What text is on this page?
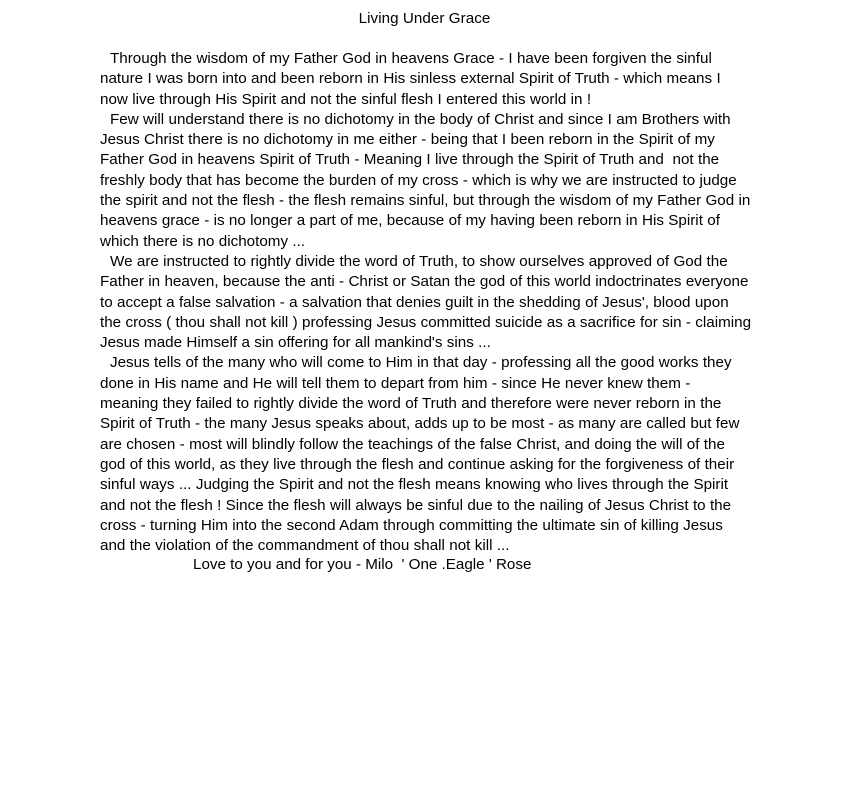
Living Under Grace

Through the wisdom of my Father God in heavens Grace - I have been forgiven the sinful nature I was born into and been reborn in His sinless external Spirit of Truth - which means I now live through His Spirit and not the sinful flesh I entered this world in !

Few will understand there is no dichotomy in the body of Christ and since I am Brothers with Jesus Christ there is no dichotomy in me either - being that I been reborn in the Spirit of my Father God in heavens Spirit of Truth - Meaning I live through the Spirit of Truth and  not the freshly body that has become the burden of my cross - which is why we are instructed to judge the spirit and not the flesh - the flesh remains sinful, but through the wisdom of my Father God in heavens grace - is no longer a part of me, because of my having been reborn in His Spirit of which there is no dichotomy ...

We are instructed to rightly divide the word of Truth, to show ourselves approved of God the Father in heaven, because the anti - Christ or Satan the god of this world indoctrinates everyone to accept a false salvation - a salvation that denies guilt in the shedding of Jesus', blood upon the cross ( thou shall not kill ) professing Jesus committed suicide as a sacrifice for sin - claiming Jesus made Himself a sin offering for all mankind's sins ...

Jesus tells of the many who will come to Him in that day - professing all the good works they done in His name and He will tell them to depart from him - since He never knew them - meaning they failed to rightly divide the word of Truth and therefore were never reborn in the Spirit of Truth - the many Jesus speaks about, adds up to be most - as many are called but few are chosen - most will blindly follow the teachings of the false Christ, and doing the will of the god of this world, as they live through the flesh and continue asking for the forgiveness of their sinful ways ... Judging the Spirit and not the flesh means knowing who lives through the Spirit and not the flesh ! Since the flesh will always be sinful due to the nailing of Jesus Christ to the cross - turning Him into the second Adam through committing the ultimate sin of killing Jesus and the violation of the commandment of thou shall not kill ...

Love to you and for you - Milo  ' One .Eagle ' Rose
